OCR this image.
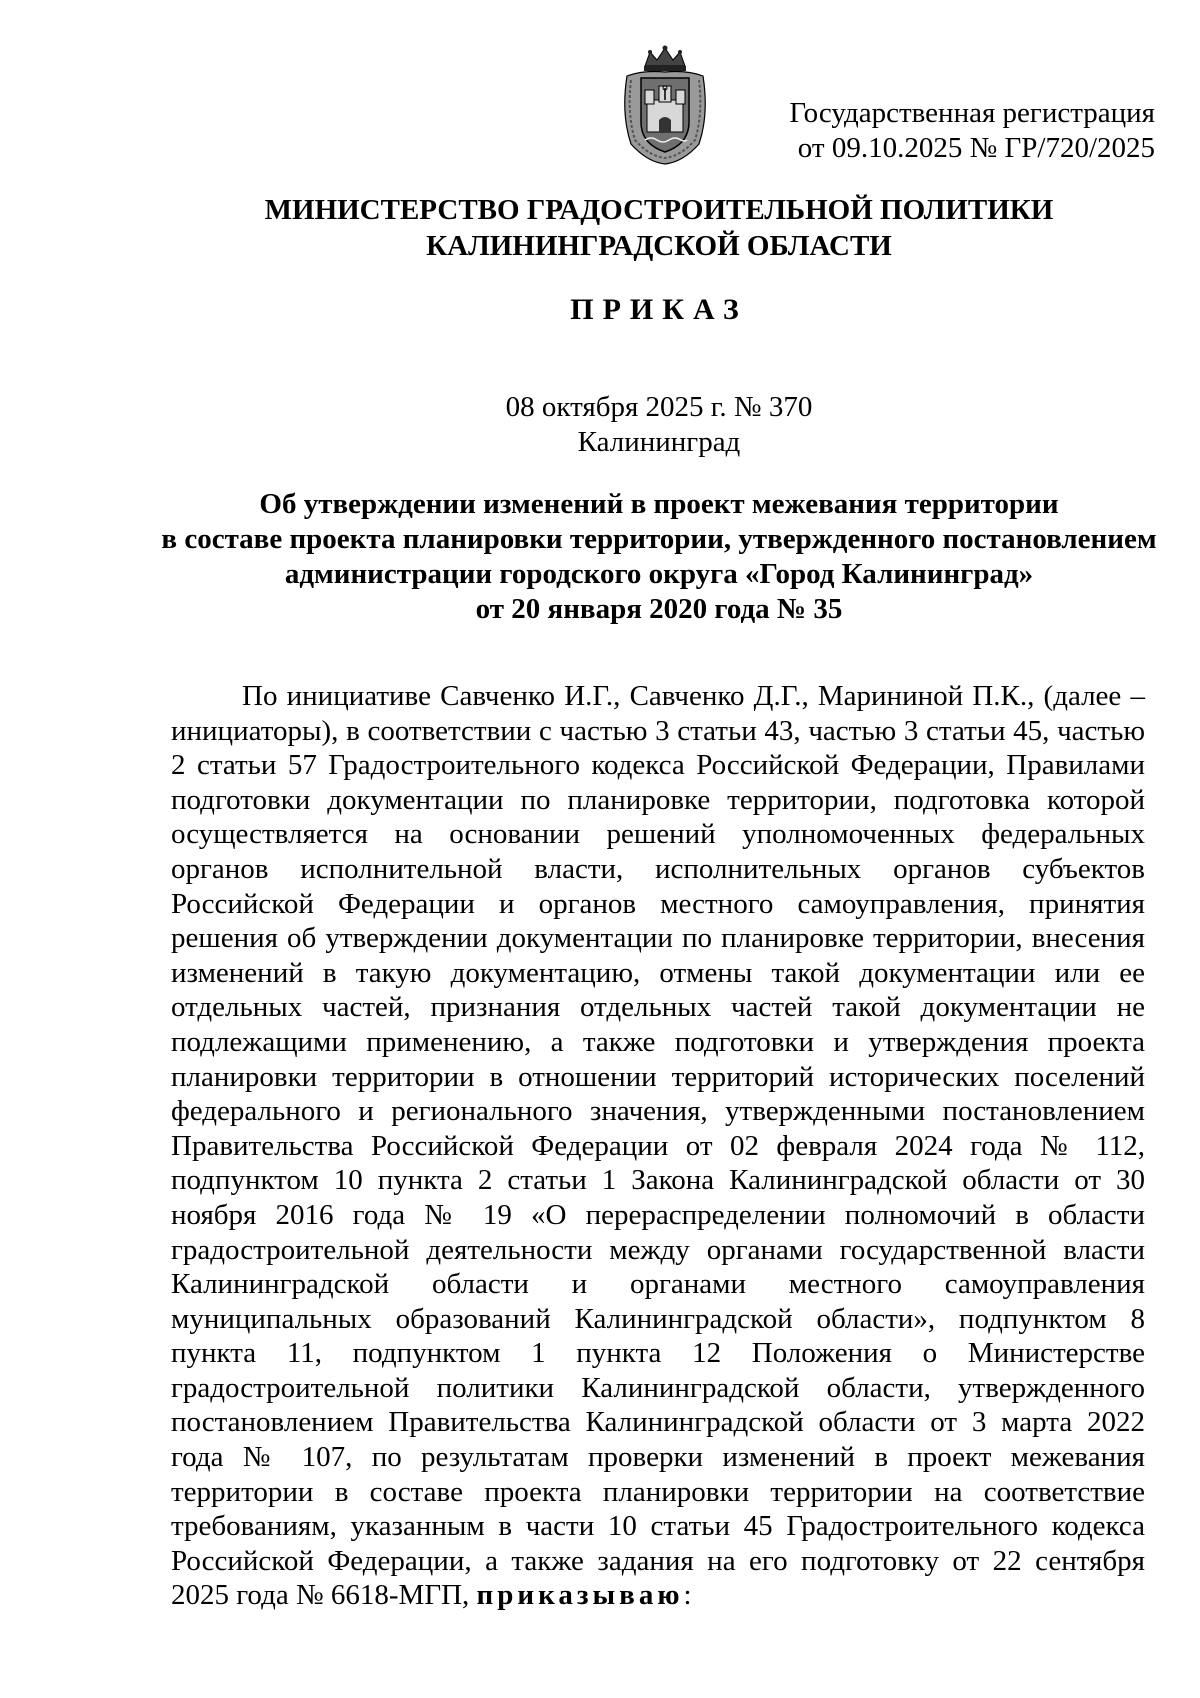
Государственная регистрация
от 09.10.2025 № ГР/720/2025
МИНИСТЕРСТВО ГРАДОСТРОИТЕЛЬНОЙ ПОЛИТИКИ
КАЛИНИНГРАДСКОЙ ОБЛАСТИ
ПРИКАЗ
08 октября 2025 г. № 370
Калининград
Об утверждении изменений в проект межевания территории
в составе проекта планировки территории, утвержденного постановлением
администрации городского округа «Город Калининград»
от 20 января 2020 года № 35

По инициативе Савченко И.Г., Савченко Д.Г., Марининой П.К., (далее – инициаторы), в соответствии с частью 3 статьи 43, частью 3 статьи 45, частью 2 статьи 57 Градостроительного кодекса Российской Федерации, Правилами подготовки документации по планировке территории, подготовка которой осуществляется на основании решений уполномоченных федеральных органов исполнительной власти, исполнительных органов субъектов Российской Федерации и органов местного самоуправления, принятия решения об утверждении документации по планировке территории, внесения изменений в такую документацию, отмены такой документации или ее отдельных частей, признания отдельных частей такой документации не подлежащими применению, а также подготовки и утверждения проекта планировки территории в отношении территорий исторических поселений федерального и регионального значения, утвержденными постановлением Правительства Российской Федерации от 02 февраля 2024 года № 112, подпунктом 10 пункта 2 статьи 1 Закона Калининградской области от 30 ноября 2016 года № 19 «О перераспределении полномочий в области градостроительной деятельности между органами государственной власти Калининградской области и органами местного самоуправления муниципальных образований Калининградской области», подпунктом 8 пункта 11, подпунктом 1 пункта 12 Положения о Министерстве градостроительной политики Калининградской области, утвержденного постановлением Правительства Калининградской области от 3 марта 2022 года № 107, по результатам проверки изменений в проект межевания территории в составе проекта планировки территории на соответствие требованиям, указанным в части 10 статьи 45 Градостроительного кодекса Российской Федерации, а также задания на его подготовку от 22 сентября 2025 года № 6618-МГП, приказываю:
